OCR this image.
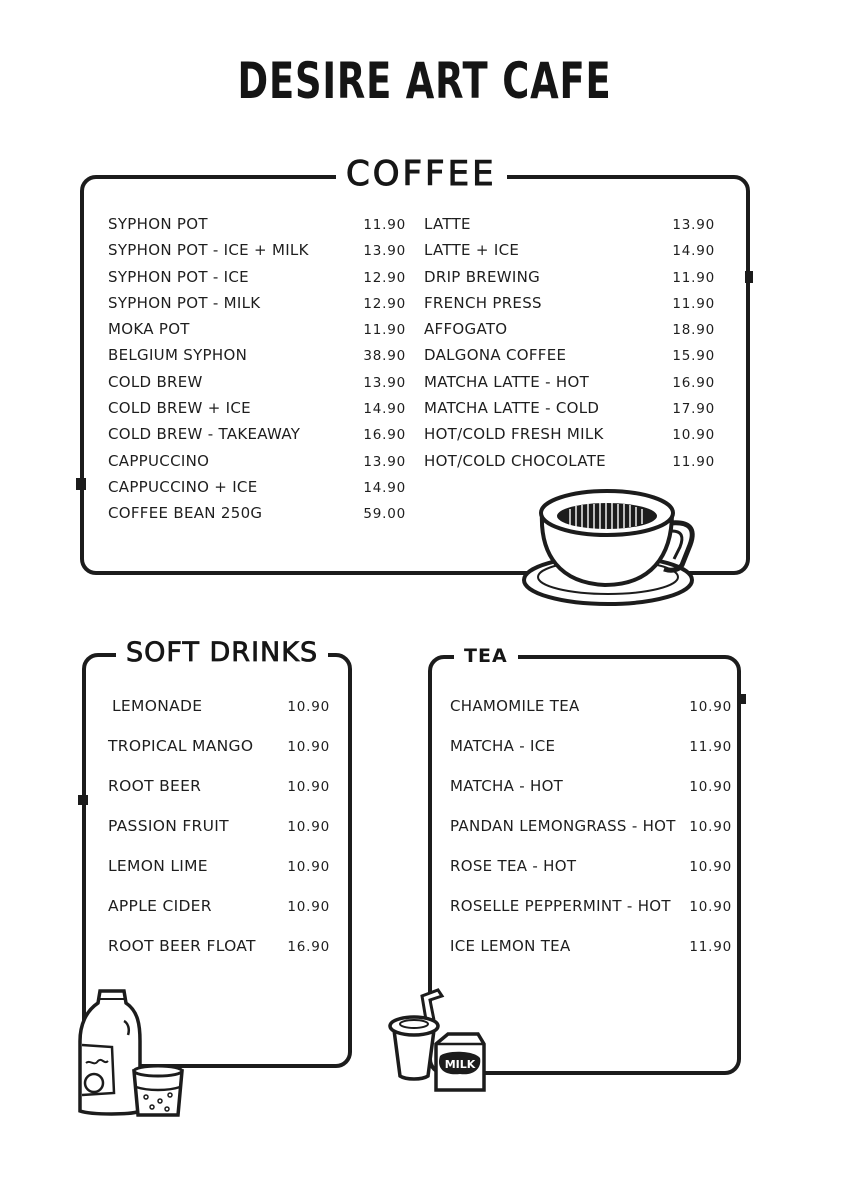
DESIRE ART CAFE
COFFEE
SYPHON POT	11.90
SYPHON POT - ICE + MILK	13.90
SYPHON POT - ICE	12.90
SYPHON POT - MILK	12.90
MOKA POT	11.90
BELGIUM SYPHON	38.90
COLD BREW	13.90
COLD BREW + ICE	14.90
COLD BREW - TAKEAWAY	16.90
CAPPUCCINO	13.90
CAPPUCCINO + ICE	14.90
COFFEE BEAN 250G	59.00
LATTE	13.90
LATTE + ICE	14.90
DRIP BREWING	11.90
FRENCH PRESS	11.90
AFFOGATO	18.90
DALGONA COFFEE	15.90
MATCHA LATTE - HOT	16.90
MATCHA LATTE - COLD	17.90
HOT/COLD FRESH MILK	10.90
HOT/COLD CHOCOLATE	11.90
SOFT DRINKS
LEMONADE	10.90
TROPICAL MANGO	10.90
ROOT BEER	10.90
PASSION FRUIT	10.90
LEMON LIME	10.90
APPLE CIDER	10.90
ROOT BEER FLOAT 16.90
TEA
CHAMOMILE TEA	10.90
MATCHA - ICE	11.90
MATCHA - HOT	10.90
PANDAN LEMONGRASS - HOT 10.90
ROSE TEA - HOT	10.90
ROSELLE PEPPERMINT - HOT 10.90
ICE LEMON TEA	11.90
MILK
